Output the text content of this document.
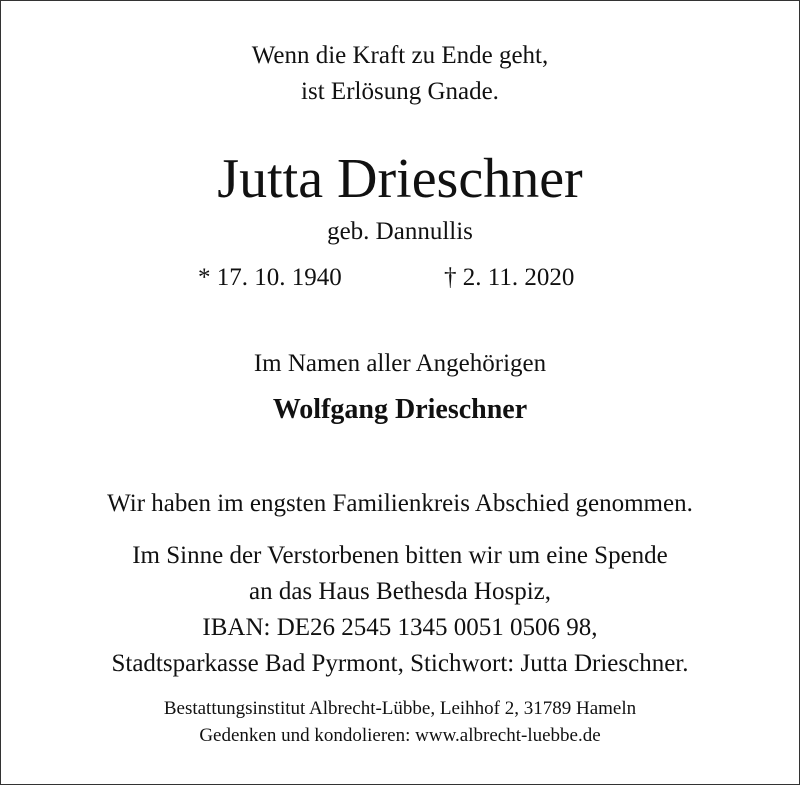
Wenn die Kraft zu Ende geht,
ist Erlösung Gnade.

Jutta Drieschner

geb. Dannullis

* 17. 10. 1940	† 2. 11. 2020

Im Namen aller Angehörigen

Wolfgang Drieschner

Wir haben im engsten Familienkreis Abschied genommen.

Im Sinne der Verstorbenen bitten wir um eine Spende
an das Haus Bethesda Hospiz,
IBAN: DE26 2545 1345 0051 0506 98,
Stadtsparkasse Bad Pyrmont, Stichwort: Jutta Drieschner.

Bestattungsinstitut Albrecht-Lübbe, Leihhof 2, 31789 Hameln
Gedenken und kondolieren: www.albrecht-luebbe.de
